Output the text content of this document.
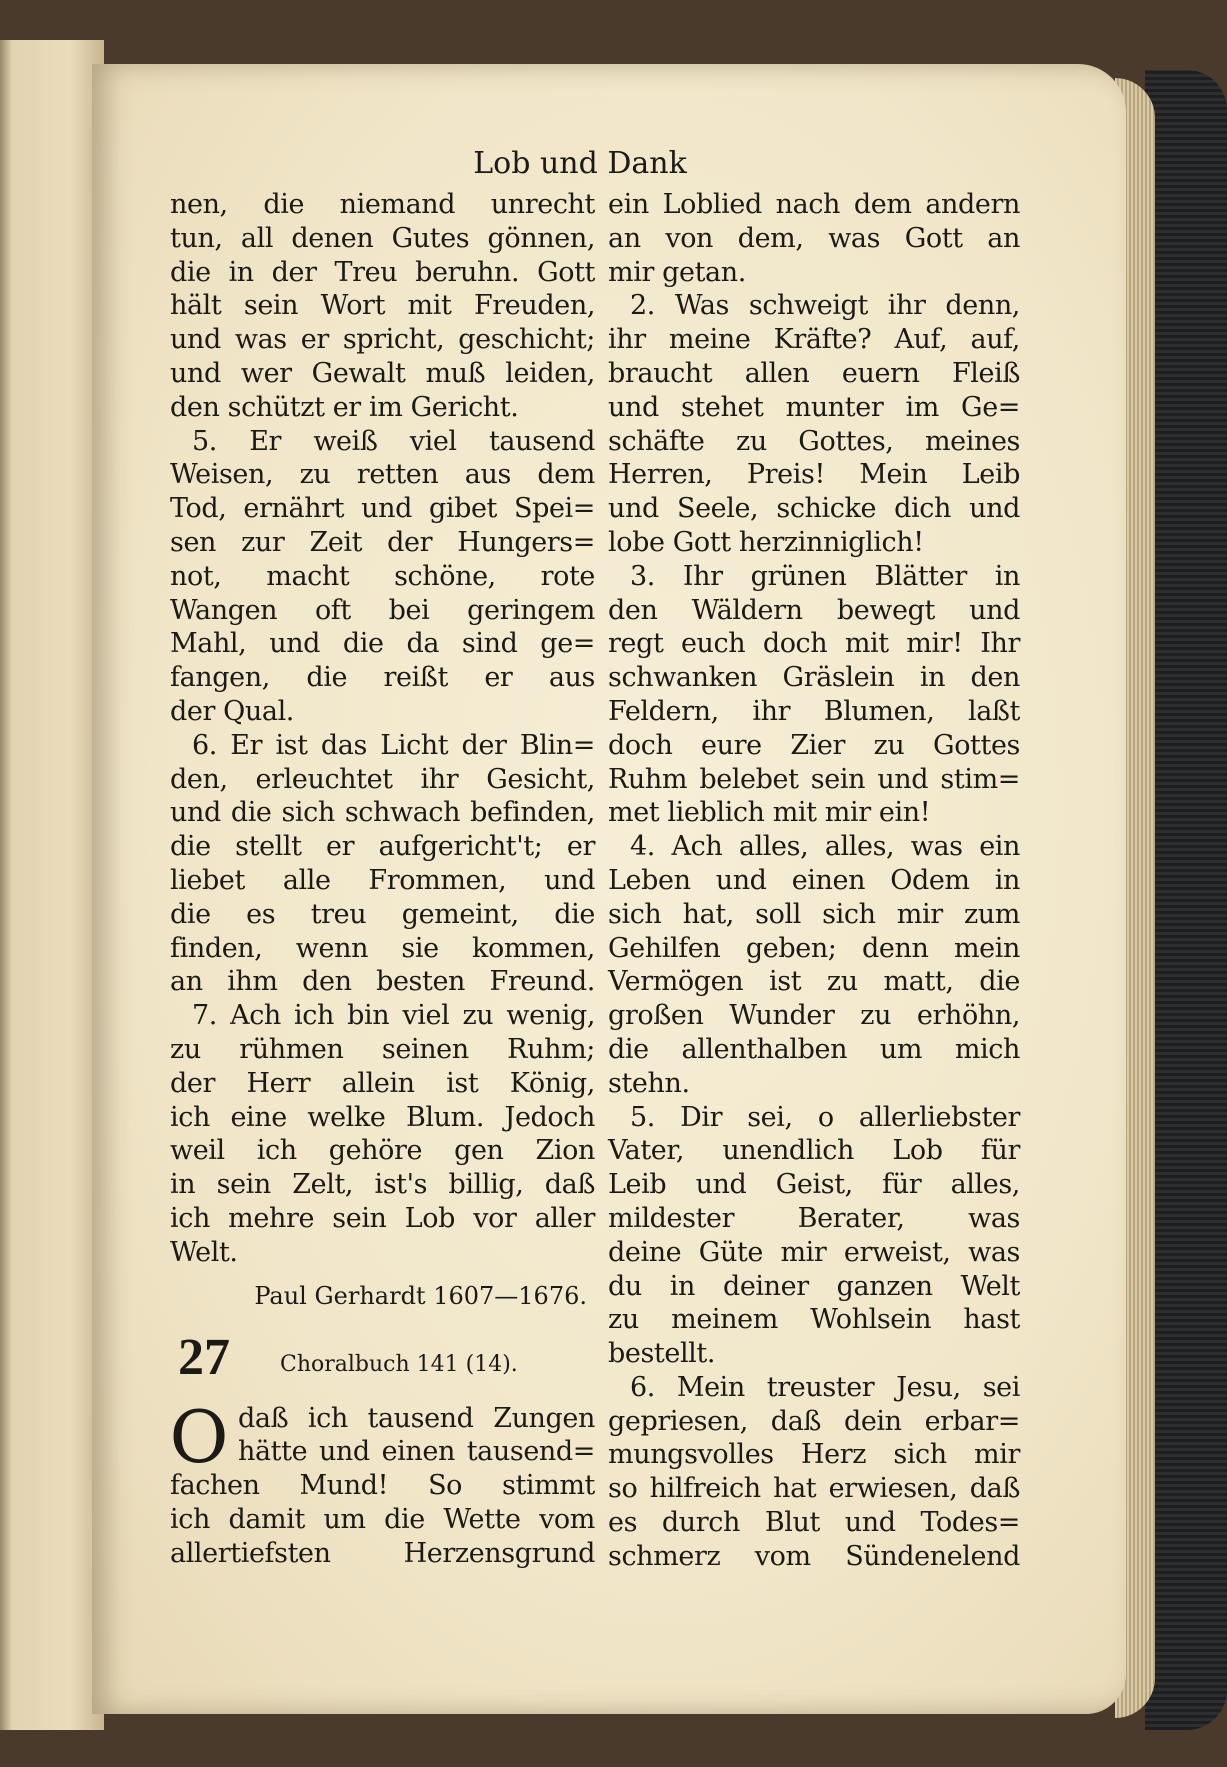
Lob und Dank
nen, die niemand unrecht
tun, all denen Gutes gönnen,
die in der Treu beruhn. Gott
hält sein Wort mit Freuden,
und was er spricht, geschicht;
und wer Gewalt muß leiden,
den schützt er im Gericht.
5. Er weiß viel tausend
Weisen, zu retten aus dem
Tod, ernährt und gibet Spei=
sen zur Zeit der Hungers=
not, macht schöne, rote
Wangen oft bei geringem
Mahl, und die da sind ge=
fangen, die reißt er aus
der Qual.
6. Er ist das Licht der Blin=
den, erleuchtet ihr Gesicht,
und die sich schwach befinden,
die stellt er aufgericht't; er
liebet alle Frommen, und
die es treu gemeint, die
finden, wenn sie kommen,
an ihm den besten Freund.
7. Ach ich bin viel zu wenig,
zu rühmen seinen Ruhm;
der Herr allein ist König,
ich eine welke Blum. Jedoch
weil ich gehöre gen Zion
in sein Zelt, ist's billig, daß
ich mehre sein Lob vor aller
Welt.
Paul Gerhardt 1607—1676.
27 Choralbuch 141 (14).
O daß ich tausend Zungen
hätte und einen tausend=
fachen Mund! So stimmt
ich damit um die Wette vom
allertiefsten Herzensgrund
ein Loblied nach dem andern
an von dem, was Gott an
mir getan.
2. Was schweigt ihr denn,
ihr meine Kräfte? Auf, auf,
braucht allen euern Fleiß
und stehet munter im Ge=
schäfte zu Gottes, meines
Herren, Preis! Mein Leib
und Seele, schicke dich und
lobe Gott herzinniglich!
3. Ihr grünen Blätter in
den Wäldern bewegt und
regt euch doch mit mir! Ihr
schwanken Gräslein in den
Feldern, ihr Blumen, laßt
doch eure Zier zu Gottes
Ruhm belebet sein und stim=
met lieblich mit mir ein!
4. Ach alles, alles, was ein
Leben und einen Odem in
sich hat, soll sich mir zum
Gehilfen geben; denn mein
Vermögen ist zu matt, die
großen Wunder zu erhöhn,
die allenthalben um mich
stehn.
5. Dir sei, o allerliebster
Vater, unendlich Lob für
Leib und Geist, für alles,
mildester Berater, was
deine Güte mir erweist, was
du in deiner ganzen Welt
zu meinem Wohlsein hast
bestellt.
6. Mein treuster Jesu, sei
gepriesen, daß dein erbar=
mungsvolles Herz sich mir
so hilfreich hat erwiesen, daß
es durch Blut und Todes=
schmerz vom Sündenelend
